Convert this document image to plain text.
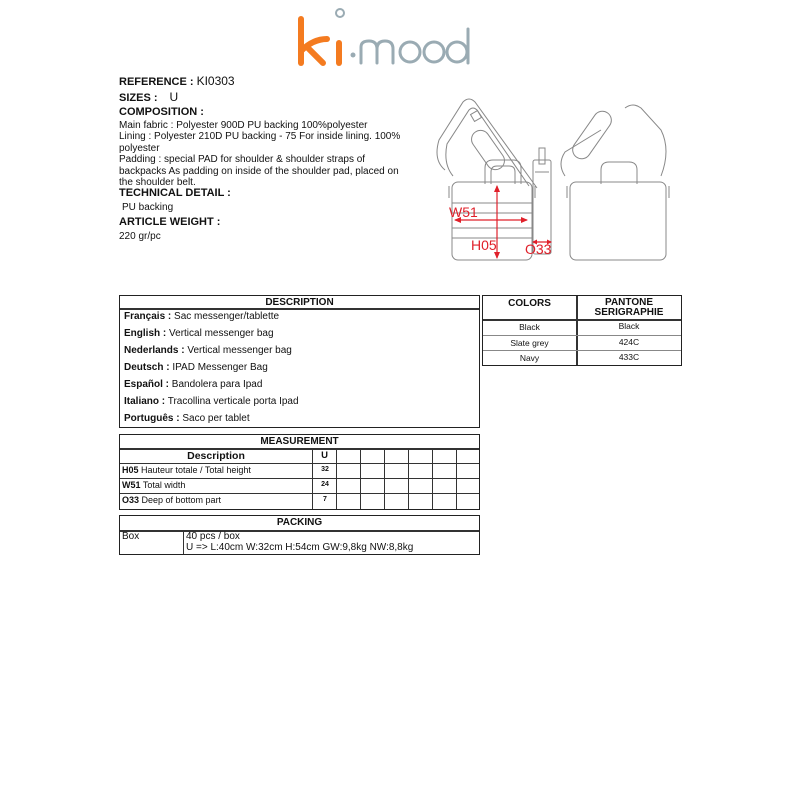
REFERENCE : KI0303
SIZES : U
COMPOSITION :
Main fabric : Polyester 900D PU backing 100%polyester
Lining : Polyester 210D PU backing - 75 For inside lining. 100%
polyester
Padding : special PAD for shoulder & shoulder straps of
backpacks As padding on inside of the shoulder pad, placed on
the shoulder belt.
TECHNICAL DETAIL :
PU backing
ARTICLE WEIGHT :
220 gr/pc
W51
H05 O33
DESCRIPTION
Français : Sac messenger/tablette
English : Vertical messenger bag
Nederlands : Vertical messenger bag
Deutsch : IPAD Messenger Bag
Español : Bandolera para Ipad
Italiano : Tracollina verticale porta Ipad
Português : Saco per tablet
COLORS	PANTONE
SERIGRAPHIE
Black	Black
Slate grey	424C
Navy	433C
MEASUREMENT
Description	U
H05 Hauteur totale / Total height	32
W51 Total width	24
O33 Deep of bottom part	7
PACKING
Box	40 pcs / box
U => L:40cm W:32cm H:54cm GW:9,8kg NW:8,8kg
